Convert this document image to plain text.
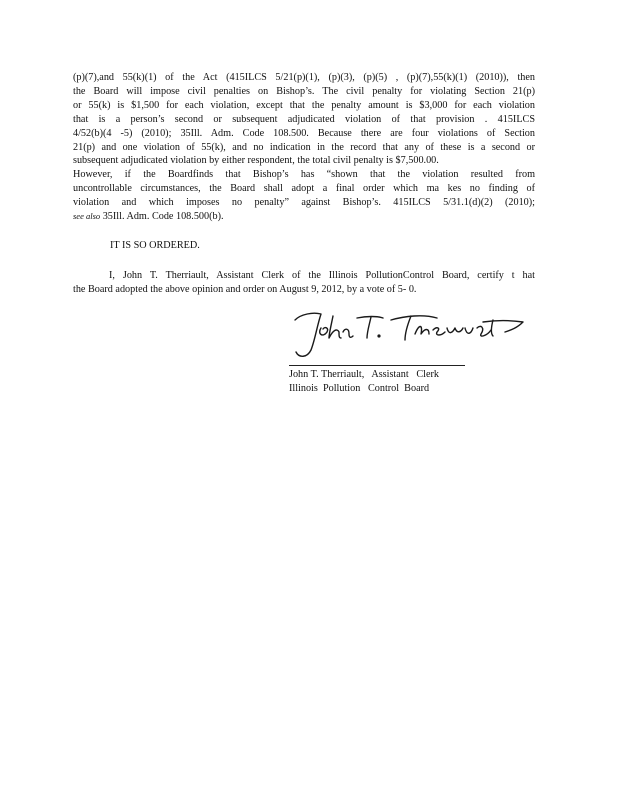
(p)(7),and 55(k)(1) of the Act (415ILCS 5/21(p)(1), (p)(3), (p)(5) , (p)(7),55(k)(1) (2010)), then
the Board will impose civil penalties on Bishop’s. The civil penalty for violating Section 21(p)
or 55(k) is $1,500 for each violation, except that the penalty amount is $3,000 for each violation
that is a person’s second or subsequent adjudicated violation of that provision . 415ILCS
4/52(b)(4 -5) (2010); 35Ill. Adm. Code 108.500. Because there are four violations of Section
21(p) and one violation of 55(k), and no indication in the record that any of these is a second or
subsequent adjudicated violation by either respondent, the total civil penalty is $7,500.00.
However, if the Boardfinds that Bishop’s has “shown that the violation resulted from
uncontrollable circumstances, the Board shall adopt a final order which ma kes no finding of
violation and which imposes no penalty” against Bishop’s. 415ILCS 5/31.1(d)(2) (2010);
see also 35Ill. Adm. Code 108.500(b).
IT IS SO ORDERED.
I, John T. Therriault, Assistant Clerk of the Illinois PollutionControl Board, certify t hat
the Board adopted the above opinion and order on August 9, 2012, by a vote of 5- 0.
John T. Therriault,   Assistant   Clerk
Illinois  Pollution   Control  Board
